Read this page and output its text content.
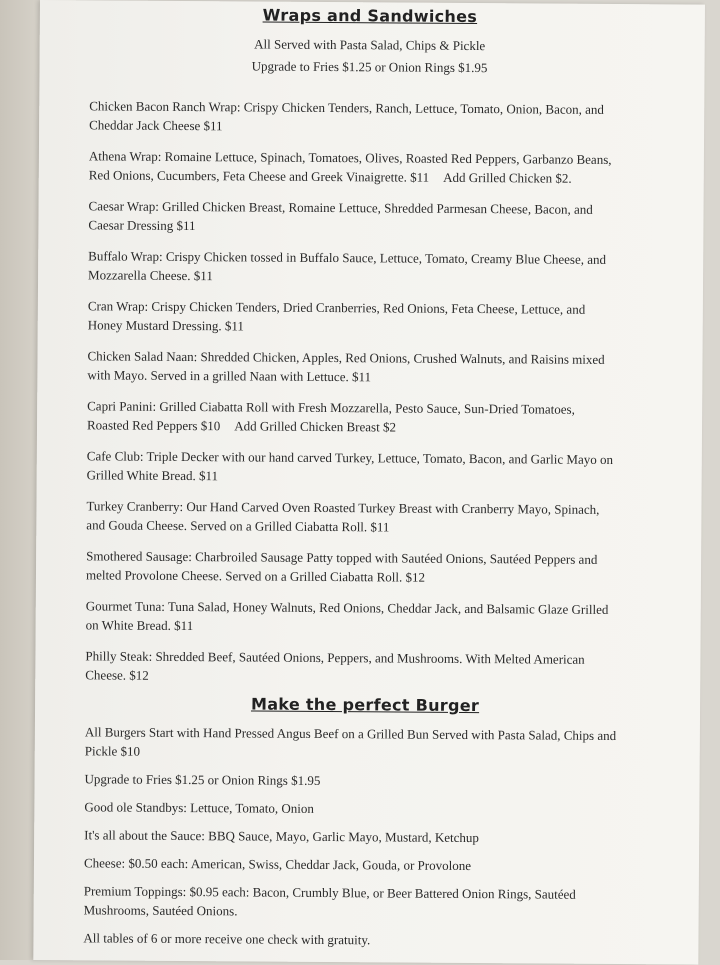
Wraps and Sandwiches
All Served with Pasta Salad, Chips & Pickle
Upgrade to Fries $1.25 or Onion Rings $1.95

Chicken Bacon Ranch Wrap: Crispy Chicken Tenders, Ranch, Lettuce, Tomato, Onion, Bacon, and Cheddar Jack Cheese $11

Athena Wrap: Romaine Lettuce, Spinach, Tomatoes, Olives, Roasted Red Peppers, Garbanzo Beans, Red Onions, Cucumbers, Feta Cheese and Greek Vinaigrette. $11 Add Grilled Chicken $2.

Caesar Wrap: Grilled Chicken Breast, Romaine Lettuce, Shredded Parmesan Cheese, Bacon, and Caesar Dressing $11

Buffalo Wrap: Crispy Chicken tossed in Buffalo Sauce, Lettuce, Tomato, Creamy Blue Cheese, and Mozzarella Cheese. $11

Cran Wrap: Crispy Chicken Tenders, Dried Cranberries, Red Onions, Feta Cheese, Lettuce, and Honey Mustard Dressing. $11

Chicken Salad Naan: Shredded Chicken, Apples, Red Onions, Crushed Walnuts, and Raisins mixed with Mayo. Served in a grilled Naan with Lettuce. $11

Capri Panini: Grilled Ciabatta Roll with Fresh Mozzarella, Pesto Sauce, Sun-Dried Tomatoes, Roasted Red Peppers $10 Add Grilled Chicken Breast $2

Cafe Club: Triple Decker with our hand carved Turkey, Lettuce, Tomato, Bacon, and Garlic Mayo on Grilled White Bread. $11

Turkey Cranberry: Our Hand Carved Oven Roasted Turkey Breast with Cranberry Mayo, Spinach, and Gouda Cheese. Served on a Grilled Ciabatta Roll. $11

Smothered Sausage: Charbroiled Sausage Patty topped with Sautéed Onions, Sautéed Peppers and melted Provolone Cheese. Served on a Grilled Ciabatta Roll. $12

Gourmet Tuna: Tuna Salad, Honey Walnuts, Red Onions, Cheddar Jack, and Balsamic Glaze Grilled on White Bread. $11

Philly Steak: Shredded Beef, Sautéed Onions, Peppers, and Mushrooms. With Melted American Cheese. $12

Make the perfect Burger

All Burgers Start with Hand Pressed Angus Beef on a Grilled Bun Served with Pasta Salad, Chips and Pickle $10

Upgrade to Fries $1.25 or Onion Rings $1.95

Good ole Standbys: Lettuce, Tomato, Onion

It's all about the Sauce: BBQ Sauce, Mayo, Garlic Mayo, Mustard, Ketchup

Cheese: $0.50 each: American, Swiss, Cheddar Jack, Gouda, or Provolone

Premium Toppings: $0.95 each: Bacon, Crumbly Blue, or Beer Battered Onion Rings, Sautéed Mushrooms, Sautéed Onions.

All tables of 6 or more receive one check with gratuity.
